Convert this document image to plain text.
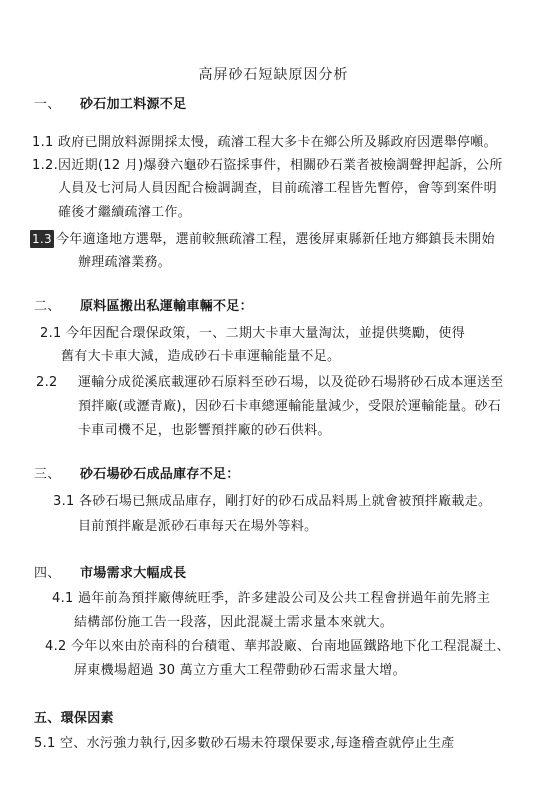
高屏砂石短缺原因分析
一、 砂石加工料源不足
1.1 政府已開放料源開採太慢，疏濬工程大多卡在鄉公所及縣政府因選舉停噸。
1.2.因近期(12 月)爆發六龜砂石盜採事件，相關砂石業者被檢調聲押起訴，公所
人員及七河局人員因配合檢調調查，目前疏濬工程皆先暫停，會等到案件明
確後才繼續疏濬工作。
1.3 今年適逢地方選舉，選前較無疏濬工程，選後屏東縣新任地方鄉鎮長未開始
辦理疏濬業務。
二、 原料區搬出私運輸車輛不足：
2.1 今年因配合環保政策，一、二期大卡車大量淘汰，並提供獎勵，使得
舊有大卡車大減，造成砂石卡車運輸能量不足。
2.2 運輸分成從溪底載運砂石原料至砂石場，以及從砂石場將砂石成本運送至
預拌廠(或瀝青廠)，因砂石卡車總運輸能量減少，受限於運輸能量。砂石
卡車司機不足，也影響預拌廠的砂石供料。
三、 砂石場砂石成品庫存不足：
3.1 各砂石場已無成品庫存，剛打好的砂石成品料馬上就會被預拌廠載走。
目前預拌廠是派砂石車每天在場外等料。
四、 市場需求大幅成長
4.1 過年前為預拌廠傳統旺季，許多建設公司及公共工程會拼過年前先將主
結構部份施工告一段落，因此混凝土需求量本來就大。
4.2 今年以來由於南科的台積電、華邦設廠、台南地區鐵路地下化工程混凝土、
屏東機場超過 30 萬立方重大工程帶動砂石需求量大增。
五、環保因素
5.1 空、水污強力執行,因多數砂石場未符環保要求,每逢稽查就停止生產
